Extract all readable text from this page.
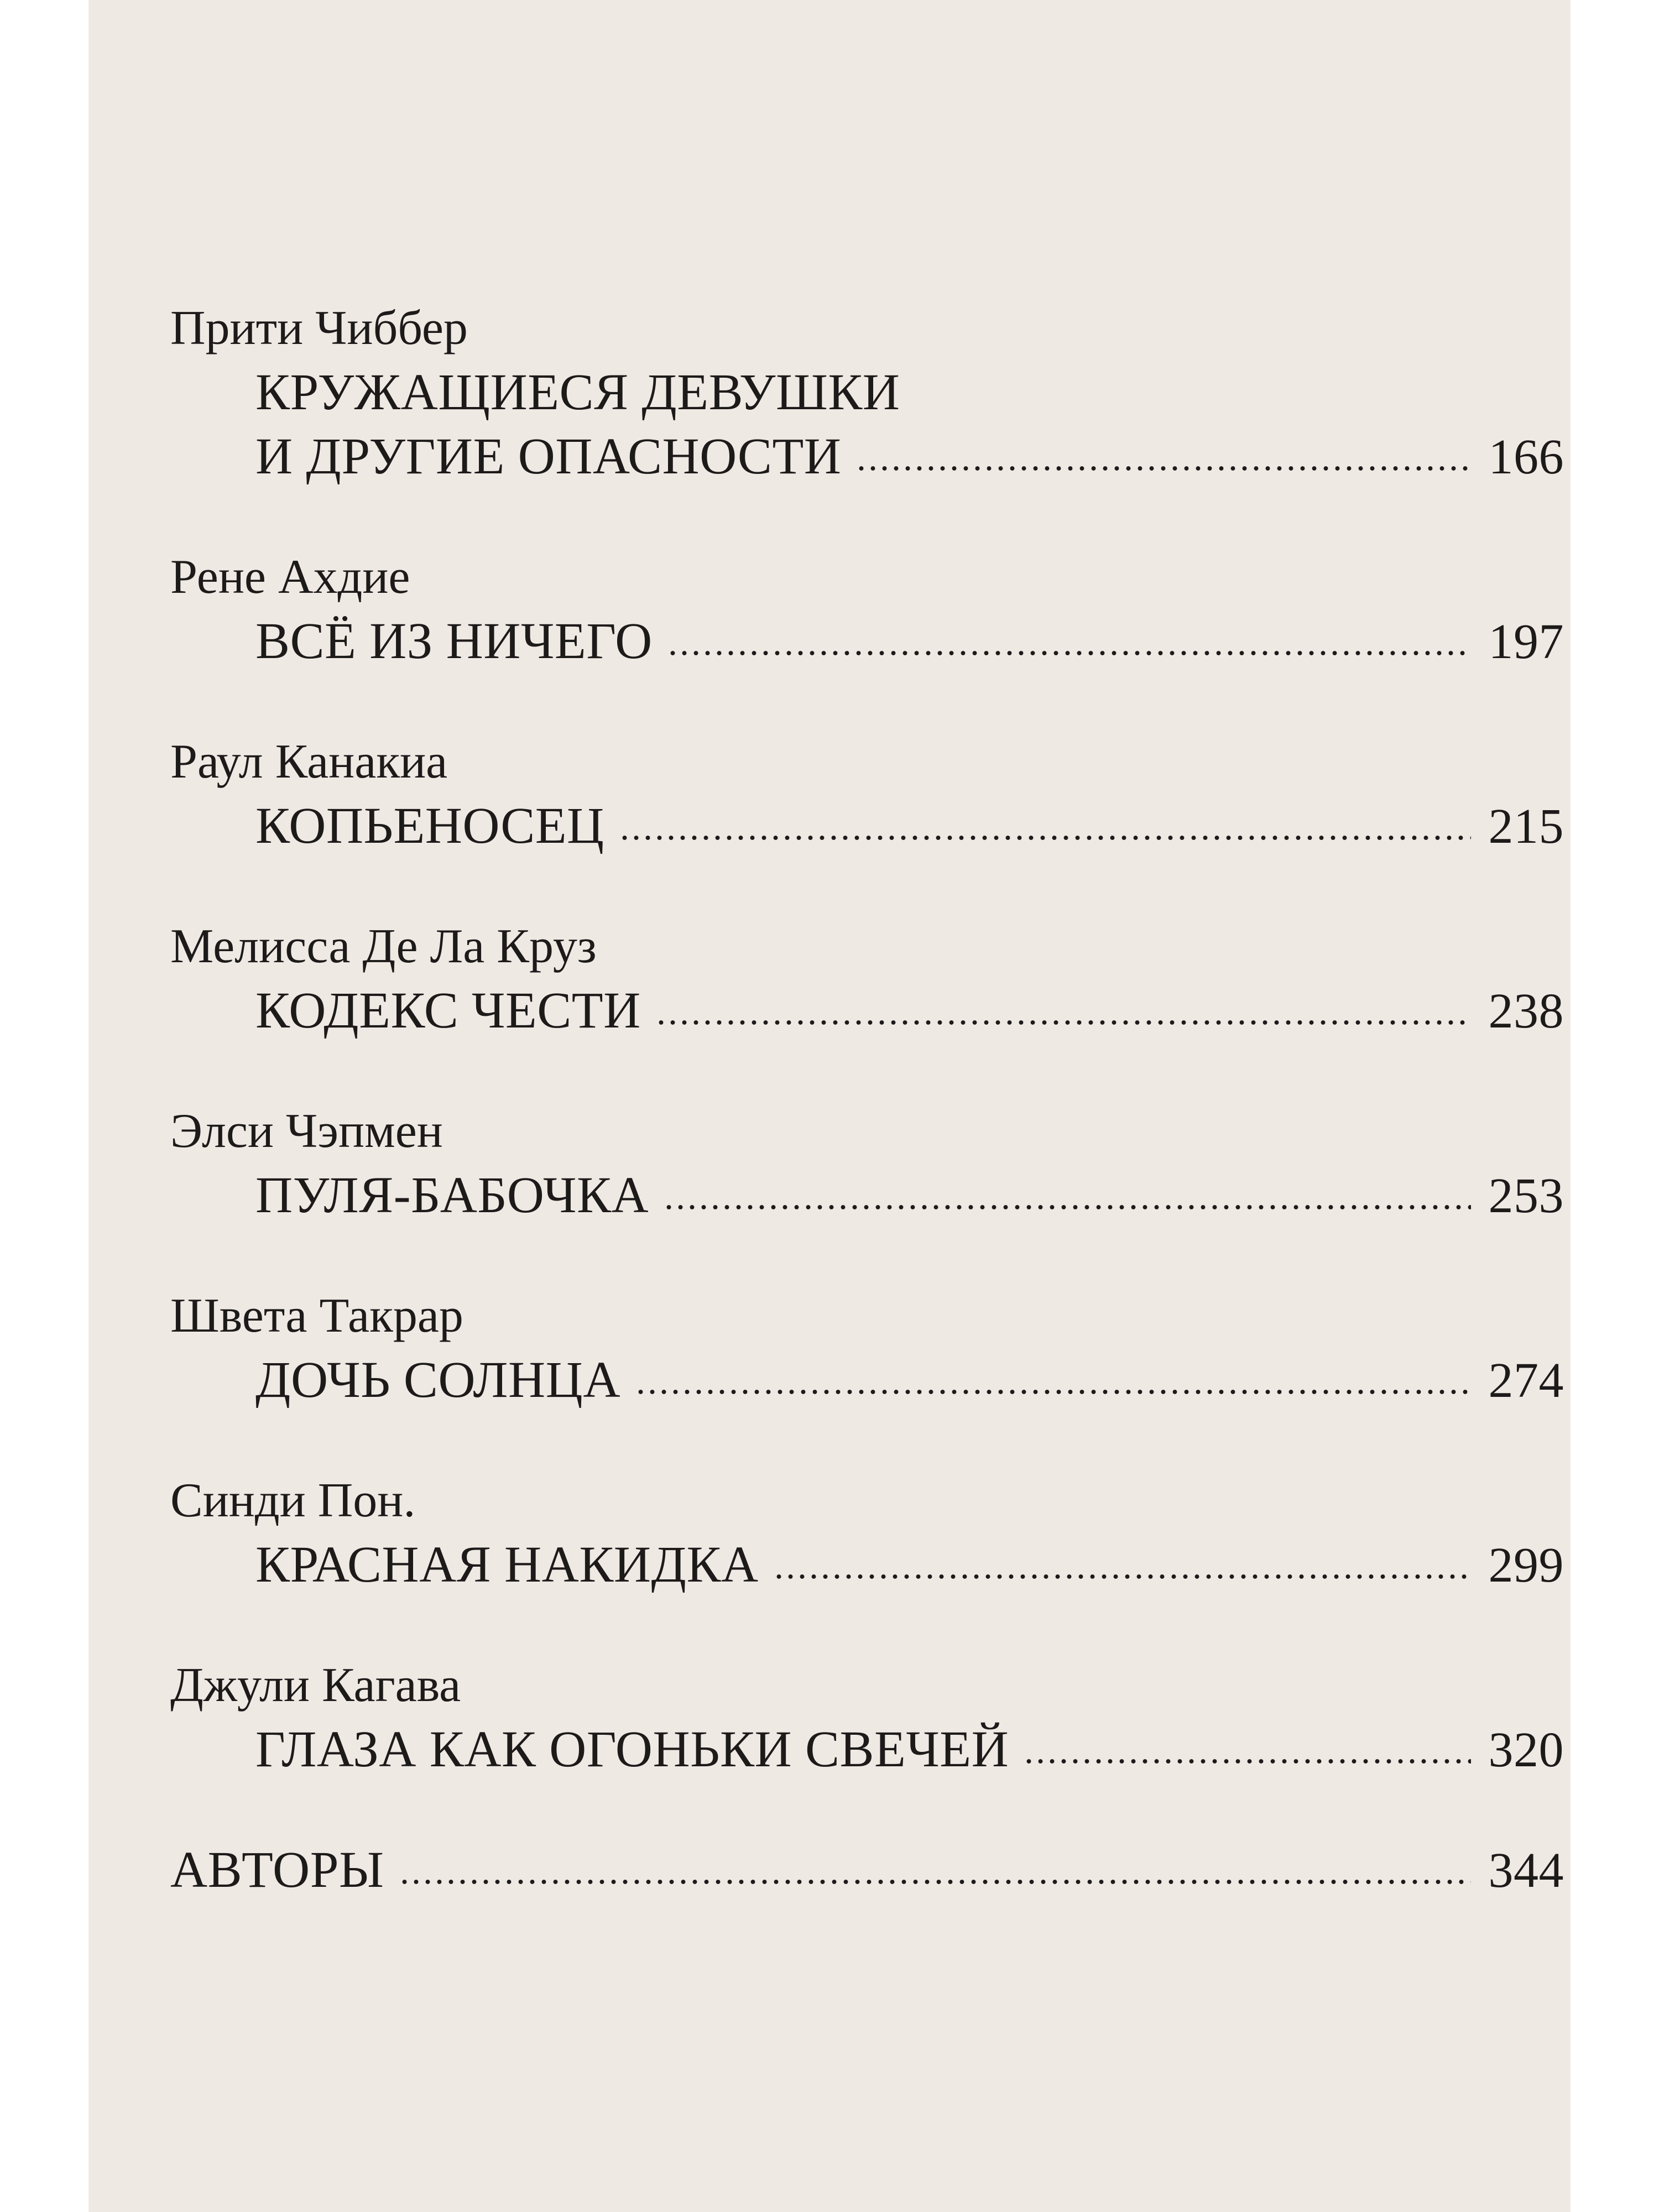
Прити Чиббер
КРУЖАЩИЕСЯ ДЕВУШКИ
И ДРУГИЕ ОПАСНОСТИ	166
Рене Ахдие
ВСЁ ИЗ НИЧЕГО	197
Раул Канакиа
КОПЬЕНОСЕЦ	215
Мелисса Де Ла Круз
КОДЕКС ЧЕСТИ	238
Элси Чэпмен
ПУЛЯ-БАБОЧКА	253
Швета Такрар
ДОЧЬ СОЛНЦА	274
Синди Пон.
КРАСНАЯ НАКИДКА	299
Джули Кагава
ГЛАЗА КАК ОГОНЬКИ СВЕЧЕЙ	320
АВТОРЫ	344
